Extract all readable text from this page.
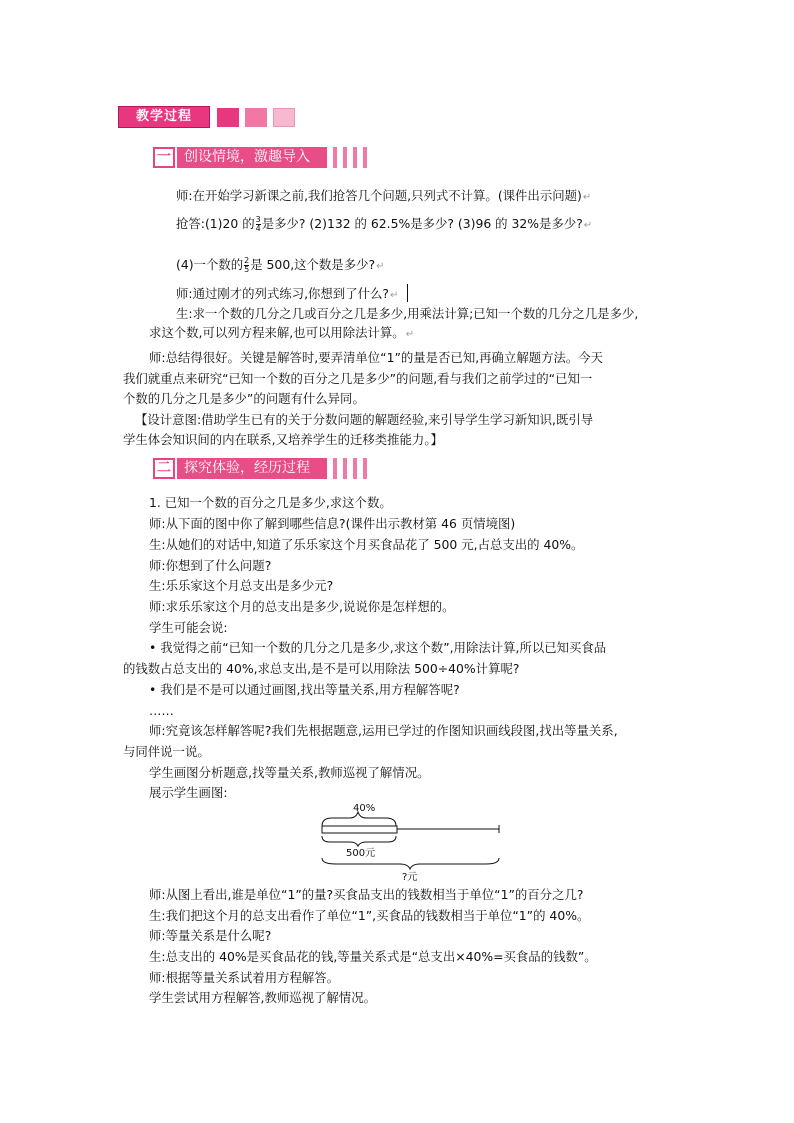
教学过程
一 创设情境，激趣导入
师:在开始学习新课之前,我们抢答几个问题,只列式不计算。(课件出示问题)↵
抢答:(1)20 的 $\frac{3}{4}$ 是多少? (2)132 的 62.5%是多少? (3)96 的 32%是多少?↵
(4)一个数的 $\frac{2}{5}$ 是 500,这个数是多少?↵
师:通过刚才的列式练习,你想到了什么?↵
生:求一个数的几分之几或百分之几是多少,用乘法计算;已知一个数的几分之几是多少,
求这个数,可以列方程来解,也可以用除法计算。↵
师:总结得很好。关键是解答时,要弄清单位“1”的量是否已知,再确立解题方法。今天
我们就重点来研究“已知一个数的百分之几是多少”的问题,看与我们之前学过的“已知一
个数的几分之几是多少”的问题有什么异同。
【设计意图:借助学生已有的关于分数问题的解题经验,来引导学生学习新知识,既引导
学生体会知识间的内在联系,又培养学生的迁移类推能力。】
二 探究体验，经历过程
1. 已知一个数的百分之几是多少,求这个数。
师:从下面的图中你了解到哪些信息?(课件出示教材第 46 页情境图)
生:从她们的对话中,知道了乐乐家这个月买食品花了 500 元,占总支出的 40%。
师:你想到了什么问题?
生:乐乐家这个月总支出是多少元?
师:求乐乐家这个月的总支出是多少,说说你是怎样想的。
学生可能会说:
• 我觉得之前“已知一个数的几分之几是多少,求这个数”,用除法计算,所以已知买食品
的钱数占总支出的 40%,求总支出,是不是可以用除法 500÷40%计算呢?
• 我们是不是可以通过画图,找出等量关系,用方程解答呢?
……
师:究竟该怎样解答呢?我们先根据题意,运用已学过的作图知识画线段图,找出等量关系,
与同伴说一说。
学生画图分析题意,找等量关系,教师巡视了解情况。
展示学生画图:
40%
500元
?元
师:从图上看出,谁是单位“1”的量?买食品支出的钱数相当于单位“1”的百分之几?
生:我们把这个月的总支出看作了单位“1”,买食品的钱数相当于单位“1”的 40%。
师:等量关系是什么呢?
生:总支出的 40%是买食品花的钱,等量关系式是“总支出×40%=买食品的钱数”。
师:根据等量关系试着用方程解答。
学生尝试用方程解答,教师巡视了解情况。
